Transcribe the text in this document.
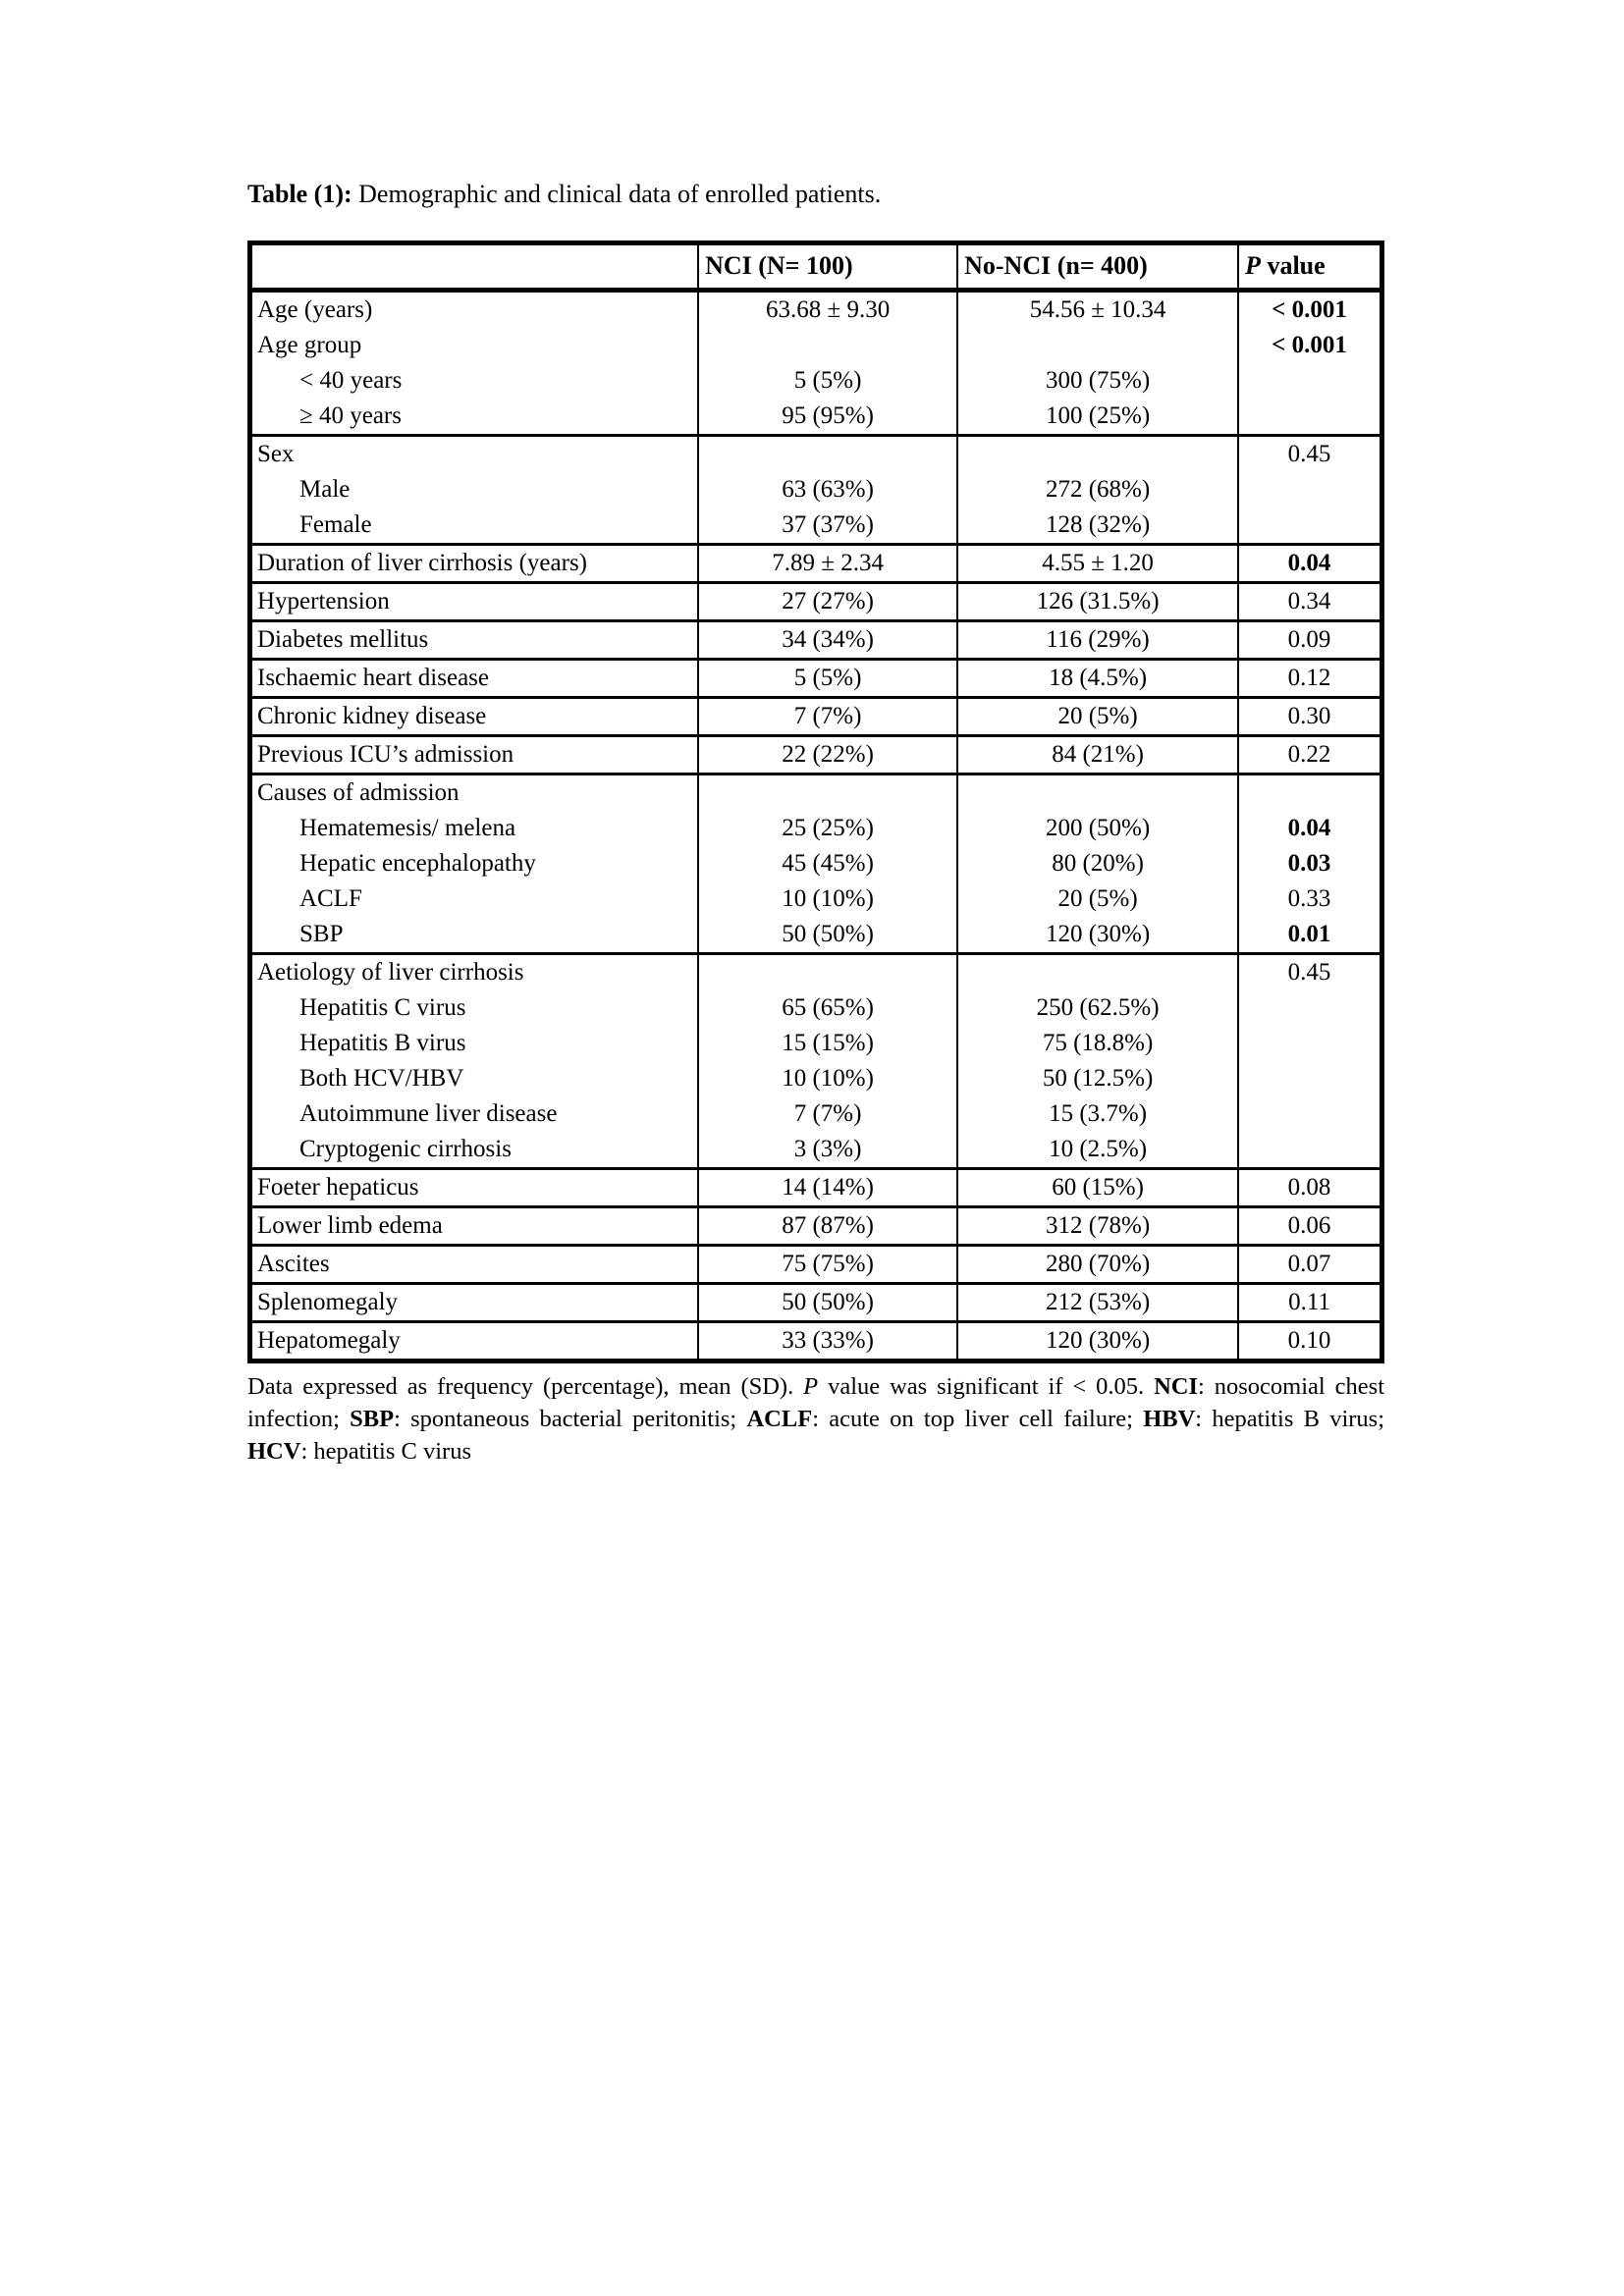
Table (1): Demographic and clinical data of enrolled patients.
	NCI (N= 100)	No-NCI (n= 400)	P value
Age (years)	63.68 ± 9.30	54.56 ± 10.34	< 0.001
Age group			< 0.001
< 40 years	5 (5%)	300 (75%)	
≥ 40 years	95 (95%)	100 (25%)	
Sex			0.45
Male	63 (63%)	272 (68%)	
Female	37 (37%)	128 (32%)	
Duration of liver cirrhosis (years)	7.89 ± 2.34	4.55 ± 1.20	0.04
Hypertension	27 (27%)	126 (31.5%)	0.34
Diabetes mellitus	34 (34%)	116 (29%)	0.09
Ischaemic heart disease	5 (5%)	18 (4.5%)	0.12
Chronic kidney disease	7 (7%)	20 (5%)	0.30
Previous ICU’s admission	22 (22%)	84 (21%)	0.22
Causes of admission			
Hematemesis/ melena	25 (25%)	200 (50%)	0.04
Hepatic encephalopathy	45 (45%)	80 (20%)	0.03
ACLF	10 (10%)	20 (5%)	0.33
SBP	50 (50%)	120 (30%)	0.01
Aetiology of liver cirrhosis			0.45
Hepatitis C virus	65 (65%)	250 (62.5%)	
Hepatitis B virus	15 (15%)	75 (18.8%)	
Both HCV/HBV	10 (10%)	50 (12.5%)	
Autoimmune liver disease	7 (7%)	15 (3.7%)	
Cryptogenic cirrhosis	3 (3%)	10 (2.5%)	
Foeter hepaticus	14 (14%)	60 (15%)	0.08
Lower limb edema	87 (87%)	312 (78%)	0.06
Ascites	75 (75%)	280 (70%)	0.07
Splenomegaly	50 (50%)	212 (53%)	0.11
Hepatomegaly	33 (33%)	120 (30%)	0.10
Data expressed as frequency (percentage), mean (SD). P value was significant if < 0.05. NCI: nosocomial chest infection; SBP: spontaneous bacterial peritonitis; ACLF: acute on top liver cell failure; HBV: hepatitis B virus; HCV: hepatitis C virus
